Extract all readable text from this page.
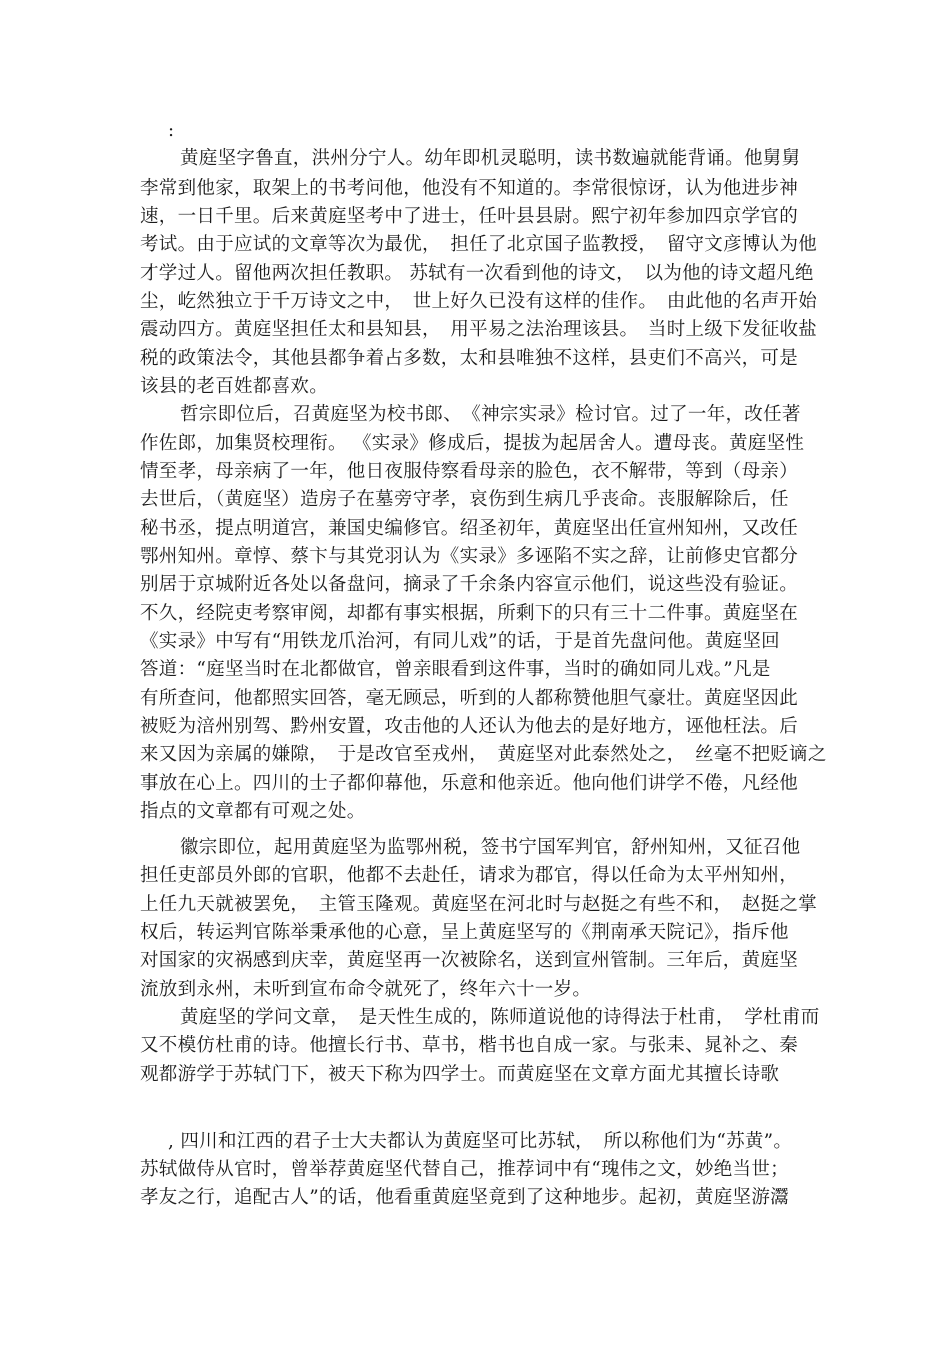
:

黄庭坚字鲁直，洪州分宁人。幼年即机灵聪明，读书数遍就能背诵。他舅舅

李常到他家，取架上的书考问他，他没有不知道的。李常很惊讶，认为他进步神

速，一日千里。后来黄庭坚考中了进士，任叶县县尉。熙宁初年参加四京学官的

考试。由于应试的文章等次为最优，　担任了北京国子监教授，　留守文彦博认为他

才学过人。留他两次担任教职。 苏轼有一次看到他的诗文，　以为他的诗文超凡绝

尘，屹然独立于千万诗文之中，　世上好久已没有这样的佳作。　由此他的名声开始

震动四方。黄庭坚担任太和县知县，　用平易之法治理该县。　当时上级下发征收盐

税的政策法令，其他县都争着占多数，太和县唯独不这样，县吏们不高兴，可是

该县的老百姓都喜欢。

哲宗即位后，召黄庭坚为校书郎、　《神宗实录》检讨官。过了一年，改任著

作佐郎，加集贤校理衔。 《实录》修成后，提拔为起居舍人。遭母丧。黄庭坚性

情至孝，母亲病了一年，他日夜服侍察看母亲的脸色，衣不解带，等到（母亲）

去世后，（黄庭坚）造房子在墓旁守孝，哀伤到生病几乎丧命。丧服解除后，任

秘书丞，提点明道宫，兼国史编修官。绍圣初年，黄庭坚出任宣州知州，又改任

鄂州知州。章惇、蔡卞与其党羽认为《实录》多诬陷不实之辞，让前修史官都分

别居于京城附近各处以备盘问，摘录了千余条内容宣示他们，说这些没有验证。

不久，经院吏考察审阅，却都有事实根据，所剩下的只有三十二件事。黄庭坚在

《实录》中写有“用铁龙爪治河，有同儿戏”的话，于是首先盘问他。黄庭坚回

答道：“庭坚当时在北都做官，曾亲眼看到这件事，当时的确如同儿戏。”凡是

有所查问，他都照实回答，毫无顾忌，听到的人都称赞他胆气豪壮。黄庭坚因此

被贬为涪州别驾、黔州安置，攻击他的人还认为他去的是好地方，诬他枉法。后

来又因为亲属的嫌隙，　于是改官至戎州，　黄庭坚对此泰然处之，　丝毫不把贬谪之

事放在心上。四川的士子都仰幕他，乐意和他亲近。他向他们讲学不倦，凡经他

指点的文章都有可观之处。

徽宗即位，起用黄庭坚为监鄂州税，签书宁国军判官，舒州知州，又征召他

担任吏部员外郎的官职，他都不去赴任，请求为郡官，得以任命为太平州知州，

上任九天就被罢免，　主管玉隆观。黄庭坚在河北时与赵挺之有些不和，　赵挺之掌

权后，转运判官陈举秉承他的心意，呈上黄庭坚写的《荆南承天院记》，指斥他

对国家的灾祸感到庆幸，黄庭坚再一次被除名，送到宣州管制。三年后，黄庭坚

流放到永州，未听到宣布命令就死了，终年六十一岁。

黄庭坚的学问文章，　是天性生成的，陈师道说他的诗得法于杜甫，　学杜甫而

又不模仿杜甫的诗。他擅长行书、草书，楷书也自成一家。与张耒、晁补之、秦

观都游学于苏轼门下，被天下称为四学士。而黄庭坚在文章方面尤其擅长诗歌

, 四川和江西的君子士大夫都认为黄庭坚可比苏轼，　所以称他们为“苏黄”。

苏轼做侍从官时，曾举荐黄庭坚代替自己，推荐词中有“瑰伟之文，妙绝当世；

孝友之行，追配古人”的话，他看重黄庭坚竟到了这种地步。起初，黄庭坚游灊
